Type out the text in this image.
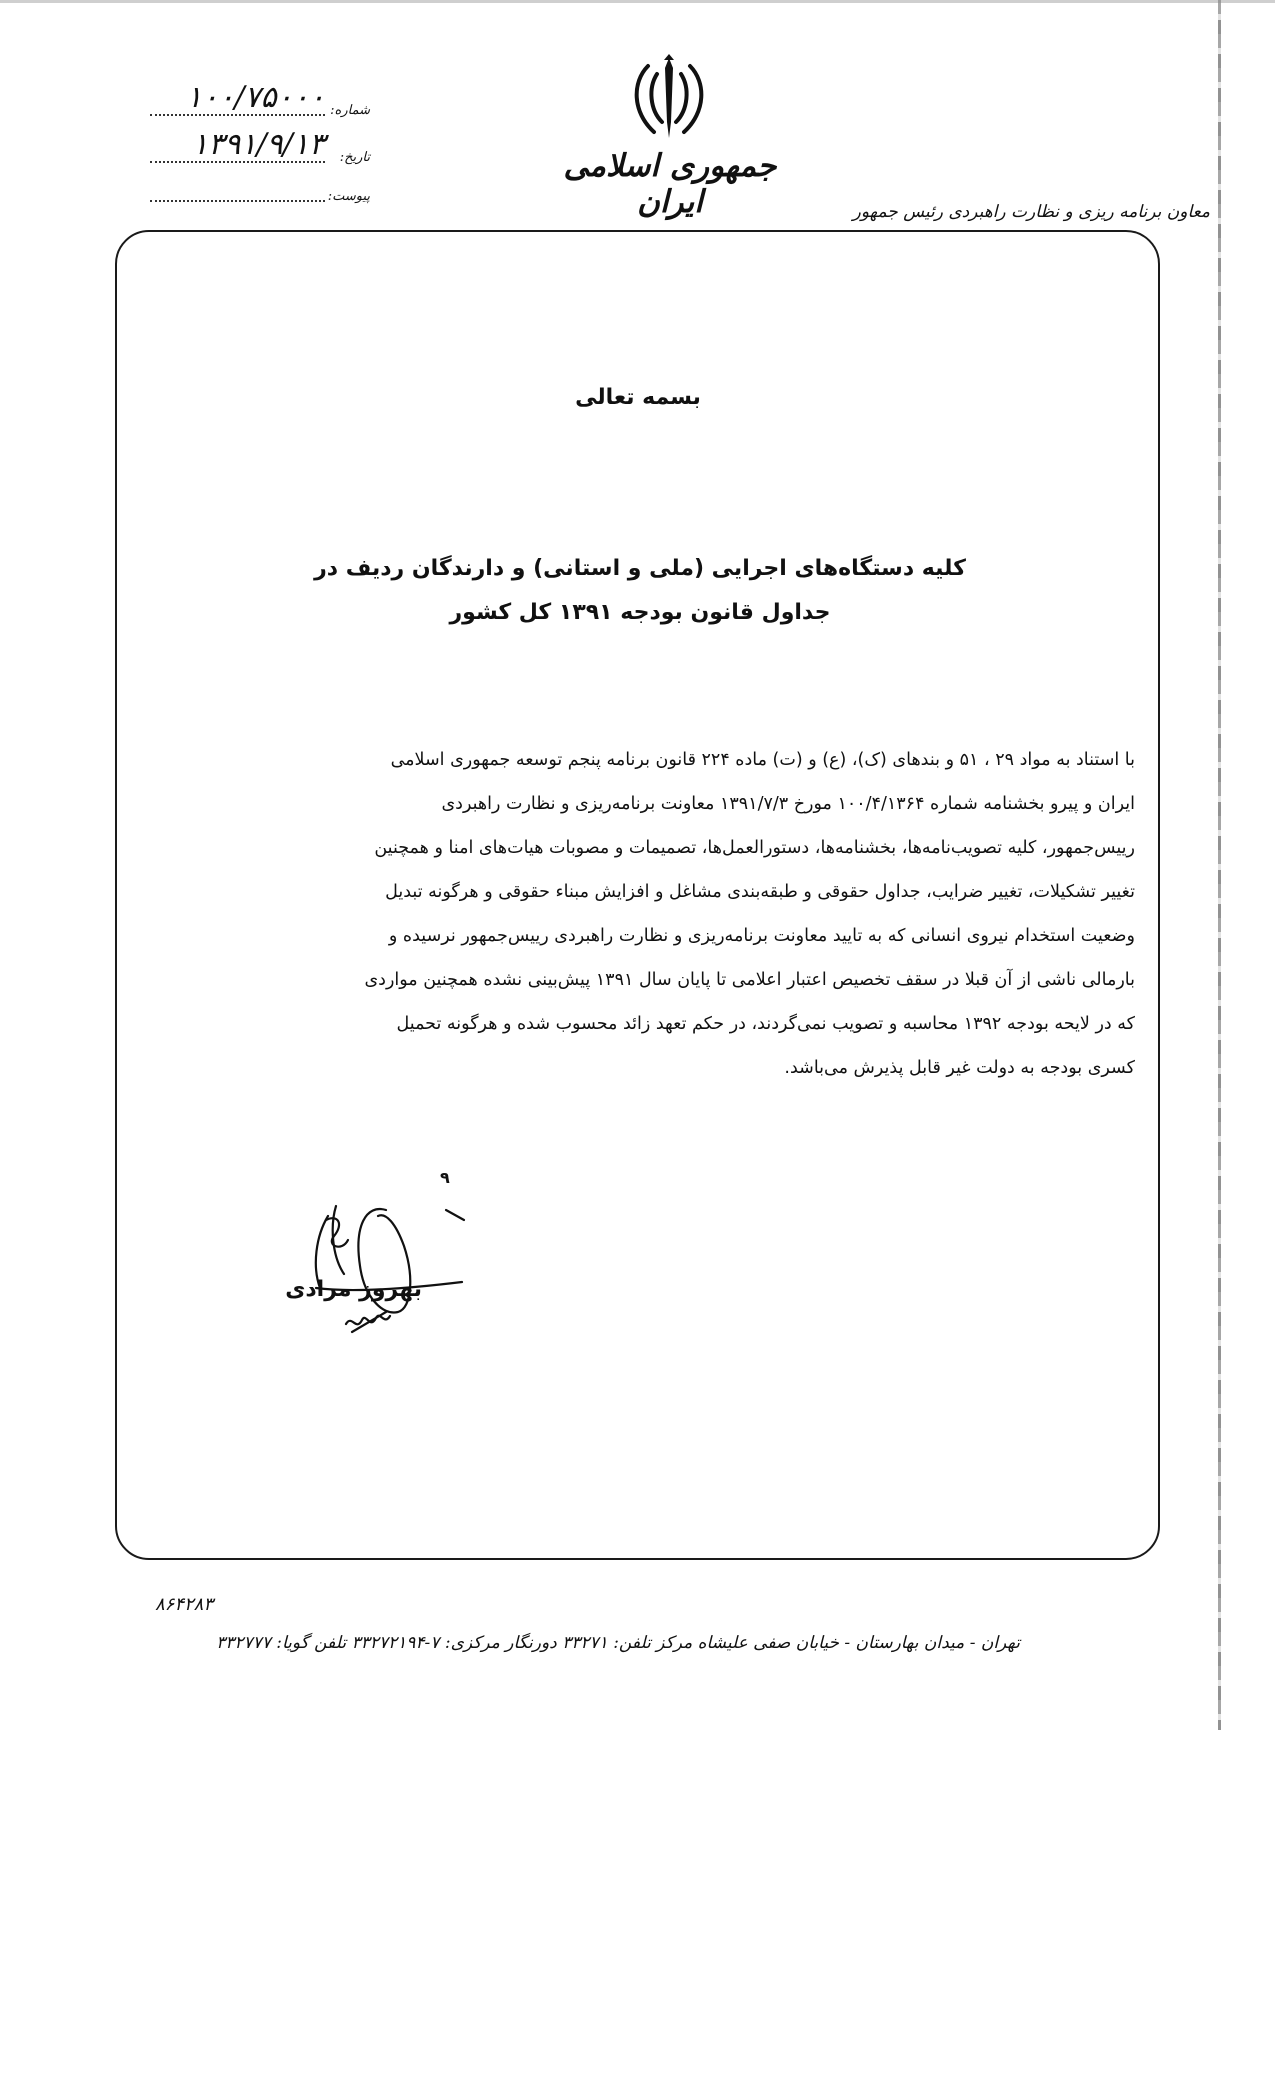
جمهوری اسلامی ایران	معاون برنامه ریزی و نظارت راهبردی رئیس جمهور
۱۰۰/۷۵۰۰۰ شماره:
۱۳۹۱/۹/۱۳	تاریخ:
پیوست:
بسمه تعالی
کلیه دستگاه‌های اجرایی (ملی و استانی) و دارندگان ردیف در
جداول قانون بودجه ۱۳۹۱ کل کشور
با استناد به مواد ۲۹ ، ۵۱ و بندهای (ک)، (ع) و (ت) ماده ۲۲۴ قانون برنامه پنجم توسعه جمهوری اسلامی
ایران و پیرو بخشنامه شماره ۱۰۰/۴/۱۳۶۴ مورخ ۱۳۹۱/۷/۳ معاونت برنامه‌ریزی و نظارت راهبردی
رییس‌جمهور، کلیه تصویب‌نامه‌ها، بخشنامه‌ها، دستورالعمل‌ها، تصمیمات و مصوبات هیات‌های امنا و همچنین
تغییر تشکیلات، تغییر ضرایب، جداول حقوقی و طبقه‌بندی مشاغل و افزایش مبناء حقوقی و هرگونه تبدیل
وضعیت استخدام نیروی انسانی که به تایید معاونت برنامه‌ریزی و نظارت راهبردی رییس‌جمهور نرسیده و
بارمالی ناشی از آن قبلا در سقف تخصیص اعتبار اعلامی تا پایان سال ۱۳۹۱ پیش‌بینی نشده همچنین مواردی
که در لایحه بودجه ۱۳۹۲ محاسبه و تصویب نمی‌گردند، در حکم تعهد زائد محسوب شده و هرگونه تحمیل
کسری بودجه به دولت غیر قابل پذیرش می‌باشد.
۹
بهروز مرادی
۸۶۴۲۸۳
تهران - میدان بهارستان - خیابان صفی علیشاه مرکز تلفن: ۳۳۲۷۱ دورنگار مرکزی: ۷-۳۳۲۷۲۱۹۴ تلفن گویا: ۳۳۲۷۷۷
